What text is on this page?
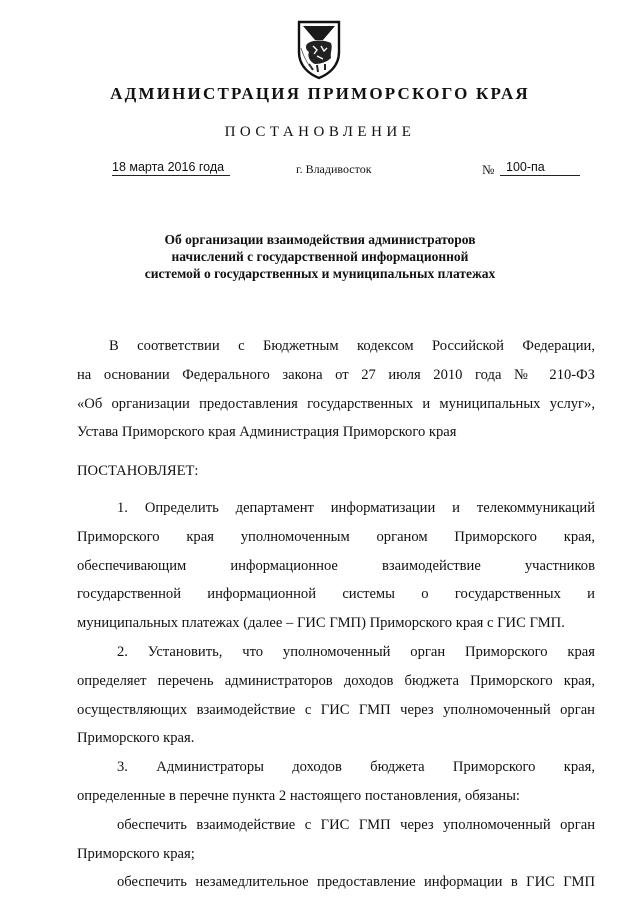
АДМИНИСТРАЦИЯ ПРИМОРСКОГО КРАЯ
ПОСТАНОВЛЕНИЕ
18 марта 2016 года	г. Владивосток	№ 100-па
Об организации взаимодействия администраторов
начислений с государственной информационной
системой о государственных и муниципальных платежах

В соответствии с Бюджетным кодексом Российской Федерации,

на основании Федерального закона от 27 июля 2010 года № 210-ФЗ

«Об организации предоставления государственных и муниципальных услуг»,

Устава Приморского края Администрация Приморского края

ПОСТАНОВЛЯЕТ:

1. Определить департамент информатизации и телекоммуникаций

Приморского края уполномоченным органом Приморского края,

обеспечивающим информационное взаимодействие участников

государственной информационной системы о государственных и

муниципальных платежах (далее – ГИС ГМП) Приморского края с ГИС ГМП.

2. Установить, что уполномоченный орган Приморского края

определяет перечень администраторов доходов бюджета Приморского края,

осуществляющих взаимодействие с ГИС ГМП через уполномоченный орган

Приморского края.

3. Администраторы доходов бюджета Приморского края,

определенные в перечне пункта 2 настоящего постановления, обязаны:

обеспечить взаимодействие с ГИС ГМП через уполномоченный орган

Приморского края;

обеспечить незамедлительное предоставление информации в ГИС ГМП
